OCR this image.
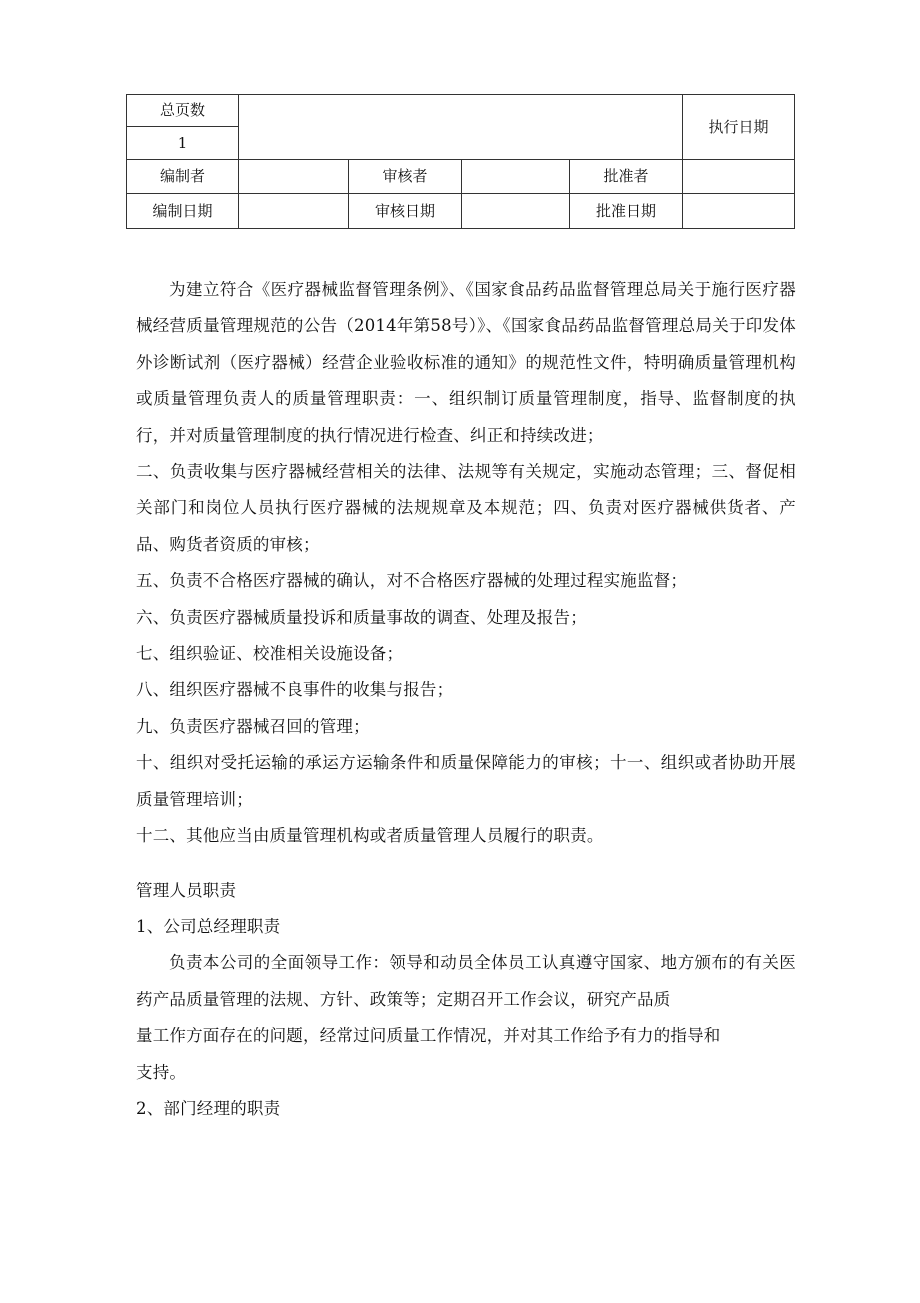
总页数					执行日期
1					
编制者		审核者		批准者	
编制日期		审核日期		批准日期	

为建立符合《医疗器械监督管理条例》、《国家食品药品监督管理总局关于施行医疗器械经营质量管理规范的公告（2014年第58号）》、《国家食品药品监督管理总局关于印发体外诊断试剂（医疗器械）经营企业验收标准的通知》的规范性文件，特明确质量管理机构或质量管理负责人的质量管理职责：一、组织制订质量管理制度，指导、监督制度的执行，并对质量管理制度的执行情况进行检查、纠正和持续改进；

二、负责收集与医疗器械经营相关的法律、法规等有关规定，实施动态管理；三、督促相关部门和岗位人员执行医疗器械的法规规章及本规范；四、负责对医疗器械供货者、产品、购货者资质的审核；

五、负责不合格医疗器械的确认，对不合格医疗器械的处理过程实施监督；

六、负责医疗器械质量投诉和质量事故的调查、处理及报告；

七、组织验证、校准相关设施设备；

八、组织医疗器械不良事件的收集与报告；

九、负责医疗器械召回的管理；

十、组织对受托运输的承运方运输条件和质量保障能力的审核；十一、组织或者协助开展质量管理培训；

十二、其他应当由质量管理机构或者质量管理人员履行的职责。

管理人员职责

1、公司总经理职责

负责本公司的全面领导工作：领导和动员全体员工认真遵守国家、地方颁布的有关医药产品质量管理的法规、方针、政策等；定期召开工作会议，研究产品质

量工作方面存在的问题，经常过问质量工作情况，并对其工作给予有力的指导和

支持。

2、部门经理的职责
